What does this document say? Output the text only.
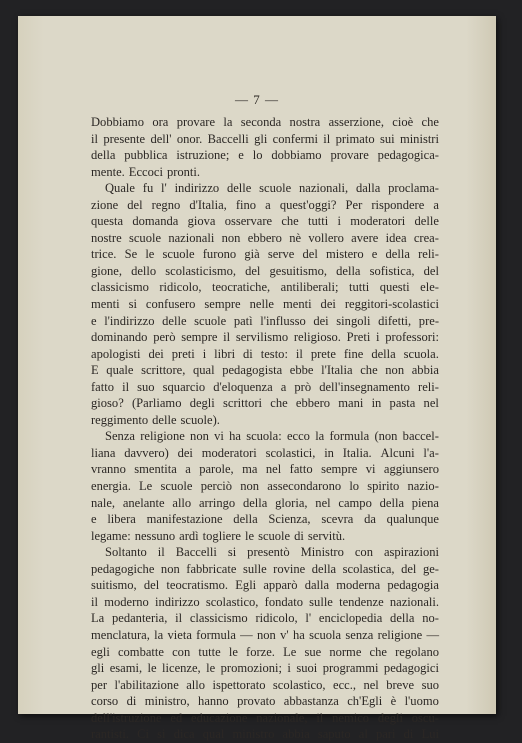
— 7 —
Dobbiamo ora provare la seconda nostra asserzione, cioè che
il presente dell' onor. Baccelli gli confermi il primato sui ministri
della pubblica istruzione; e lo dobbiamo provare pedagogica-
mente. Eccoci pronti.
Quale fu l' indirizzo delle scuole nazionali, dalla proclama-
zione del regno d'Italia, fino a quest'oggi? Per rispondere a
questa domanda giova osservare che tutti i moderatori delle
nostre scuole nazionali non ebbero nè vollero avere idea crea-
trice. Se le scuole furono già serve del mistero e della reli-
gione, dello scolasticismo, del gesuitismo, della sofistica, del
classicismo ridicolo, teocratiche, antiliberali; tutti questi ele-
menti si confusero sempre nelle menti dei reggitori-scolastici
e l'indirizzo delle scuole patì l'influsso dei singoli difetti, pre-
dominando però sempre il servilismo religioso. Preti i professori:
apologisti dei preti i libri di testo: il prete fine della scuola.
E quale scrittore, qual pedagogista ebbe l'Italia che non abbia
fatto il suo squarcio d'eloquenza a prò dell'insegnamento reli-
gioso? (Parliamo degli scrittori che ebbero mani in pasta nel
reggimento delle scuole).
Senza religione non vi ha scuola: ecco la formula (non baccel-
liana davvero) dei moderatori scolastici, in Italia. Alcuni l'a-
vranno smentita a parole, ma nel fatto sempre vi aggiunsero
energia. Le scuole perciò non assecondarono lo spirito nazio-
nale, anelante allo arringo della gloria, nel campo della piena
e libera manifestazione della Scienza, scevra da qualunque
legame: nessuno ardì togliere le scuole di servitù.
Soltanto il Baccelli si presentò Ministro con aspirazioni
pedagogiche non fabbricate sulle rovine della scolastica, del ge-
suitismo, del teocratismo. Egli apparò dalla moderna pedagogia
il moderno indirizzo scolastico, fondato sulle tendenze nazionali.
La pedanteria, il classicismo ridicolo, l' enciclopedia della no-
menclatura, la vieta formula — non v' ha scuola senza religione —
egli combatte con tutte le forze. Le sue norme che regolano
gli esami, le licenze, le promozioni; i suoi programmi pedagogici
per l'abilitazione allo ispettorato scolastico, ecc., nel breve suo
corso di ministro, hanno provato abbastanza ch'Egli è l'uomo
dell'istruzione ed educazione nazionale, il nemico degli oscu-
rantisti. Ci si dica qual ministro abbia saputo al pari di Lui
